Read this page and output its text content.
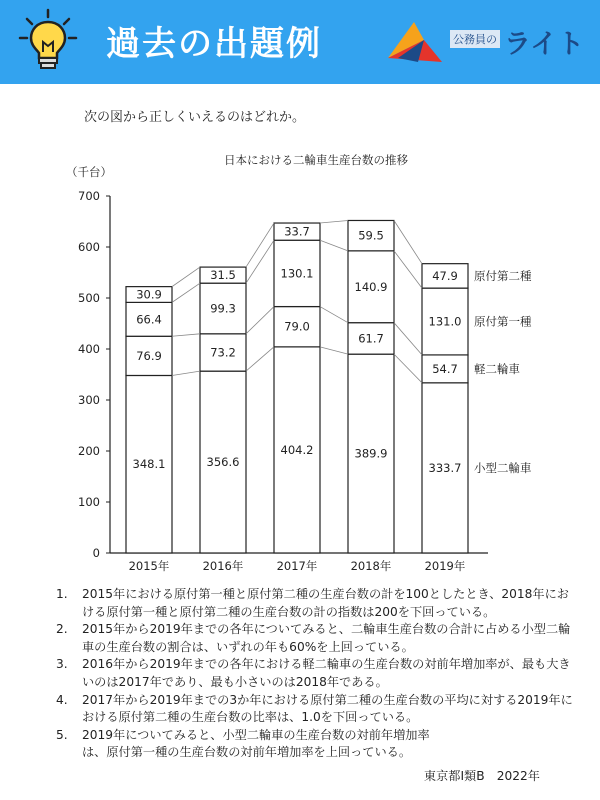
過去の出題例	公務員の ライト
次の図から正しくいえるのはどれか。
日本における二輪車生産台数の推移
（千台）
0
100
200
300
400
500
600
700
348.1
76.9
66.4
30.9
2015年
356.6
73.2
99.3
31.5
2016年
404.2
79.0
130.1
33.7
2017年
389.9
61.7
140.9
59.5
2018年
333.7
54.7
131.0
47.9
2019年
小型二輪車
軽二輪車
原付第一種
原付第二種
1.	2015年における原付第一種と原付第二種の生産台数の計を100としたとき、2018年における原付第一種と原付第二種の生産台数の計の指数は200を下回っている。
2.	2015年から2019年までの各年についてみると、二輪車生産台数の合計に占める小型二輪車の生産台数の割合は、いずれの年も60%を上回っている。
3.	2016年から2019年までの各年における軽二輪車の生産台数の対前年増加率が、最も大きいのは2017年であり、最も小さいのは2018年である。
4.	2017年から2019年までの3か年における原付第二種の生産台数の平均に対する2019年における原付第二種の生産台数の比率は、1.0を下回っている。
5.	2019年についてみると、小型二輪車の生産台数の対前年増加率は、原付第一種の生産台数の対前年増加率を上回っている。
東京都Ⅰ類B　2022年
